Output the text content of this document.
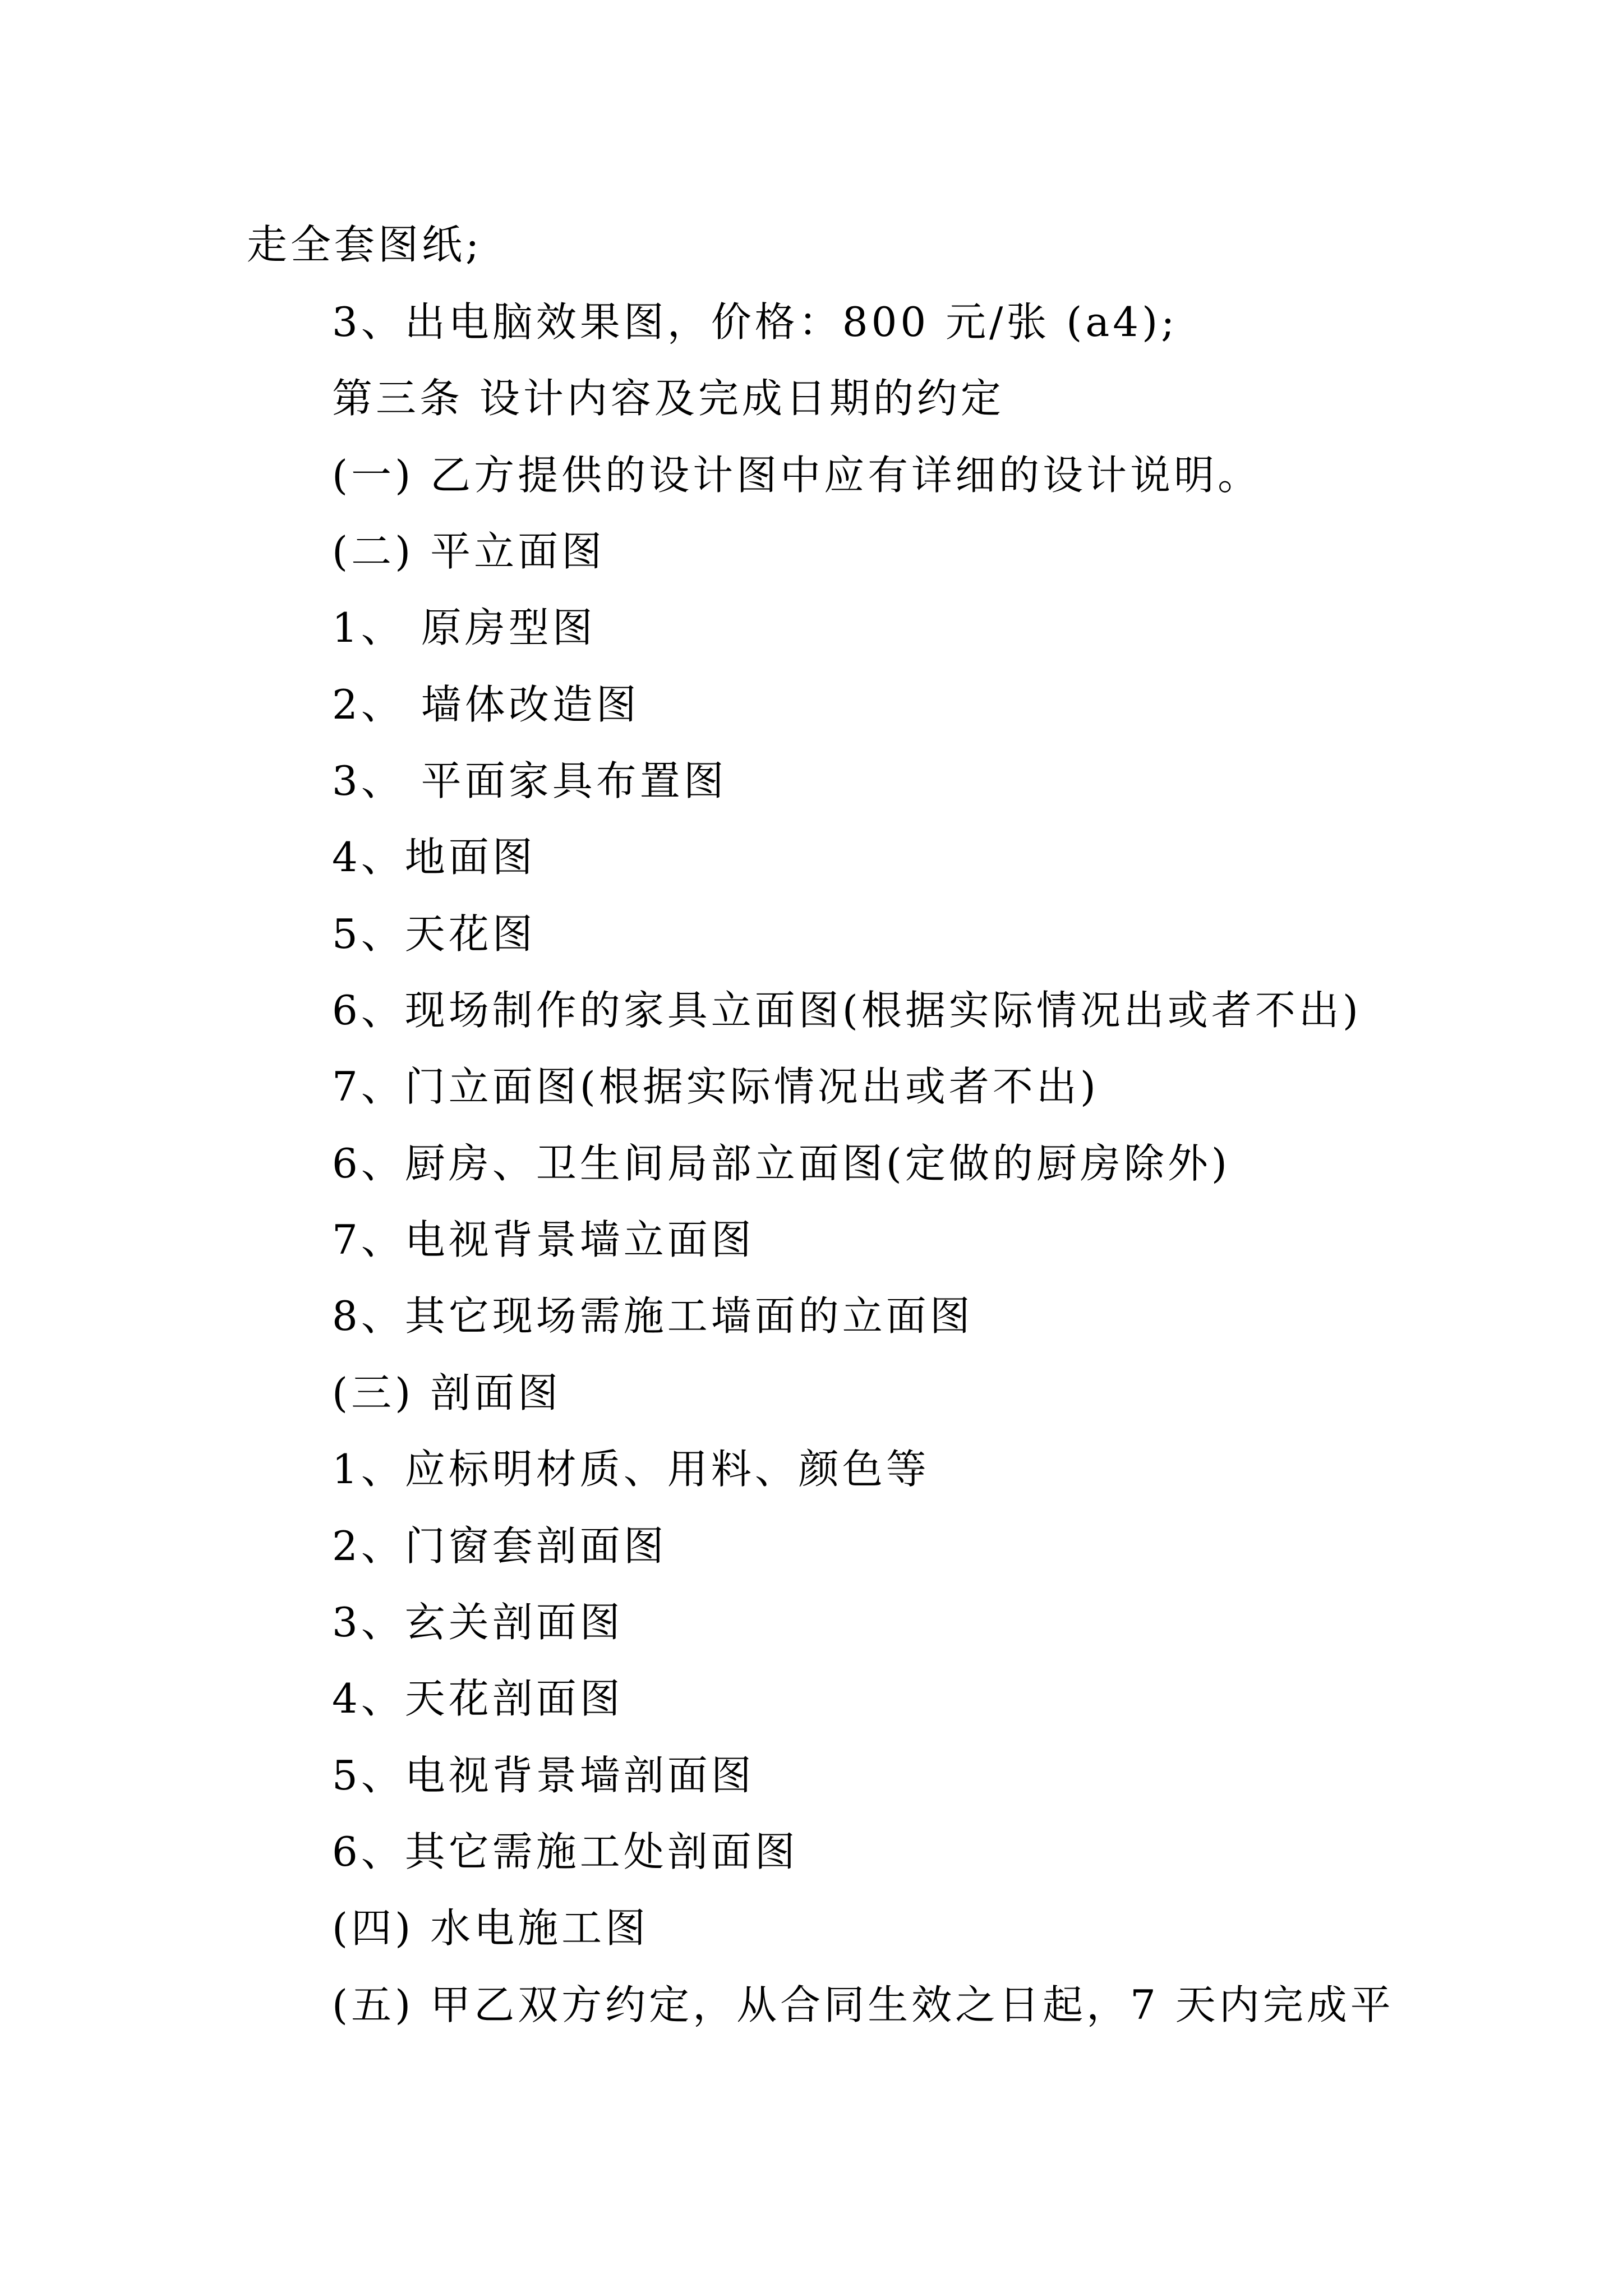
走全套图纸;
3、出电脑效果图，价格：800 元/张 (a4);
第三条 设计内容及完成日期的约定
(一) 乙方提供的设计图中应有详细的设计说明。
(二) 平立面图
1、 原房型图
2、 墙体改造图
3、 平面家具布置图
4、地面图
5、天花图
6、现场制作的家具立面图(根据实际情况出或者不出)
7、门立面图(根据实际情况出或者不出)
6、厨房、卫生间局部立面图(定做的厨房除外)
7、电视背景墙立面图
8、其它现场需施工墙面的立面图
(三) 剖面图
1、应标明材质、用料、颜色等
2、门窗套剖面图
3、玄关剖面图
4、天花剖面图
5、电视背景墙剖面图
6、其它需施工处剖面图
(四) 水电施工图
(五) 甲乙双方约定，从合同生效之日起，7 天内完成平
